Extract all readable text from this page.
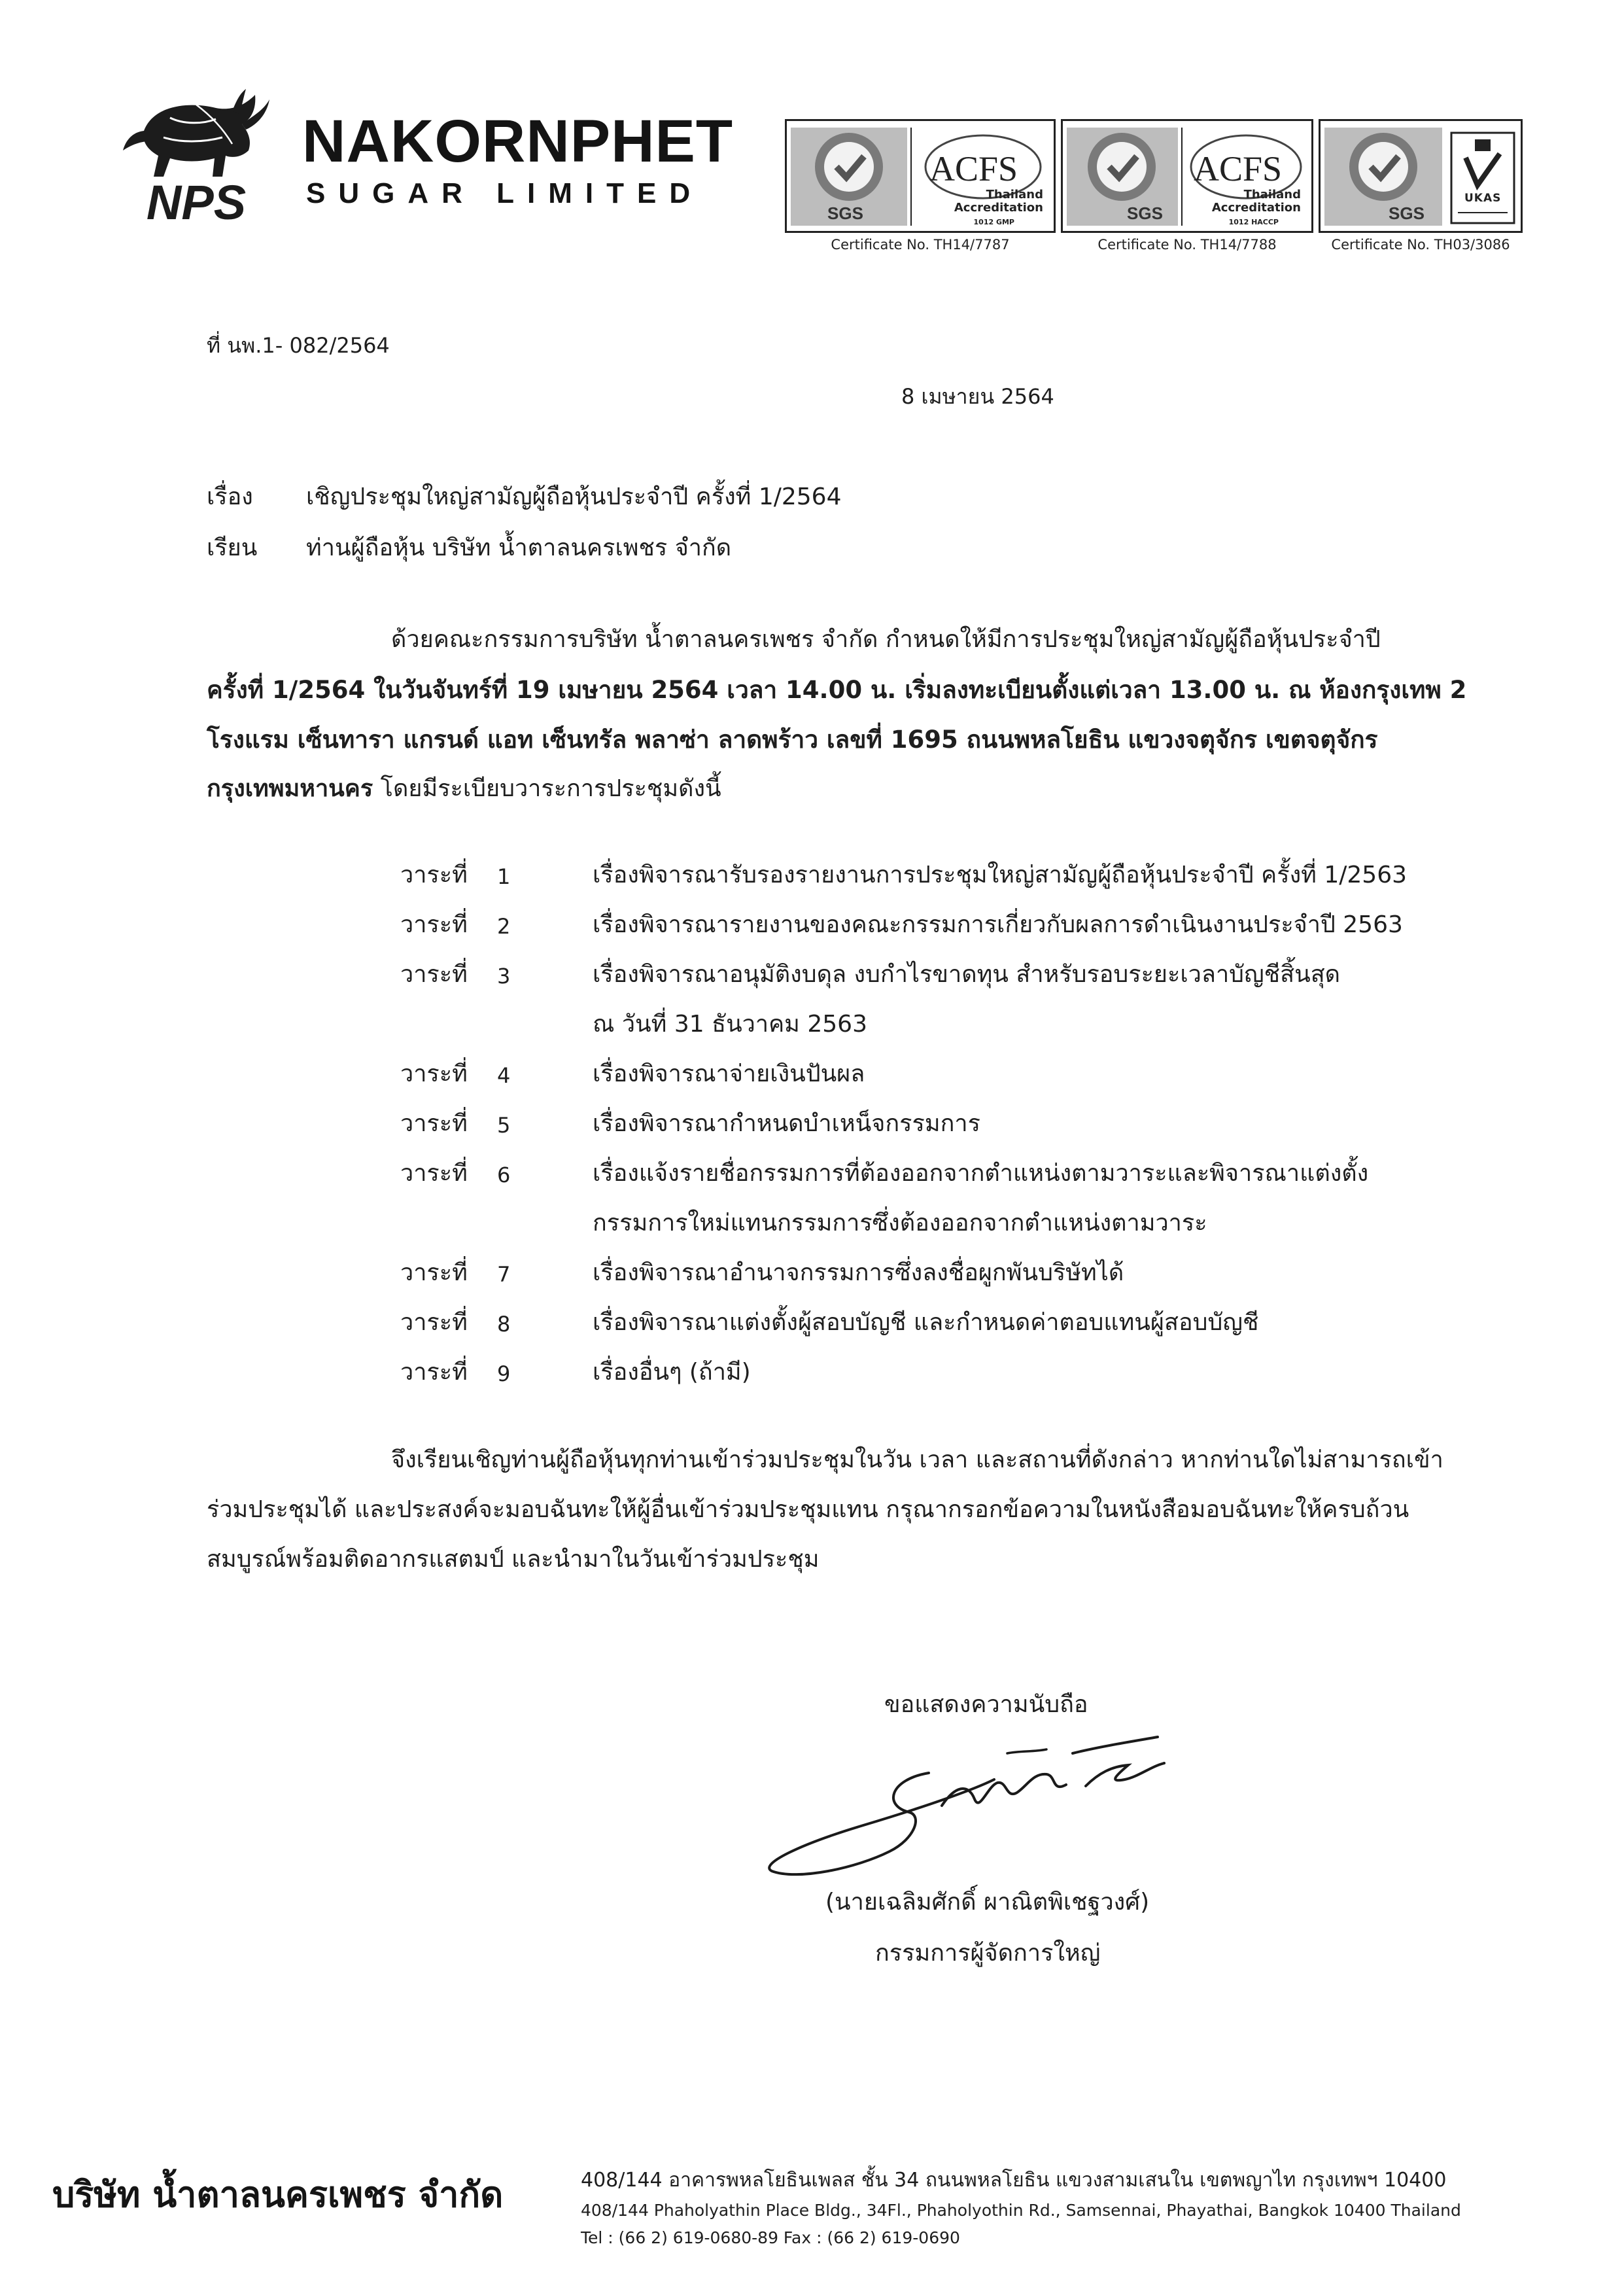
NPS
NAKORNPHET
SUGAR LIMITED
SGS
ACFS
Thailand
Accreditation
1012 GMP
Certificate No. TH14/7787
SGS
ACFS
Thailand
Accreditation
1012 HACCP
Certificate No. TH14/7788
SGS
UKAS
Certificate No. TH03/3086
ที่ นพ.1- 082/2564
8 เมษายน 2564
เรื่อง เชิญประชุมใหญ่สามัญผู้ถือหุ้นประจำปี ครั้งที่ 1/2564
เรียน ท่านผู้ถือหุ้น บริษัท น้ำตาลนครเพชร จำกัด
ด้วยคณะกรรมการบริษัท น้ำตาลนครเพชร จำกัด กำหนดให้มีการประชุมใหญ่สามัญผู้ถือหุ้นประจำปี
ครั้งที่ 1/2564 ในวันจันทร์ที่ 19 เมษายน 2564 เวลา 14.00 น. เริ่มลงทะเบียนตั้งแต่เวลา 13.00 น. ณ ห้องกรุงเทพ 2
โรงแรม เซ็นทารา แกรนด์ แอท เซ็นทรัล พลาซ่า ลาดพร้าว เลขที่ 1695 ถนนพหลโยธิน แขวงจตุจักร เขตจตุจักร
กรุงเทพมหานคร โดยมีระเบียบวาระการประชุมดังนี้
วาระที่ 1	เรื่องพิจารณารับรองรายงานการประชุมใหญ่สามัญผู้ถือหุ้นประจำปี ครั้งที่ 1/2563
วาระที่ 2	เรื่องพิจารณารายงานของคณะกรรมการเกี่ยวกับผลการดำเนินงานประจำปี 2563
วาระที่ 3	เรื่องพิจารณาอนุมัติงบดุล งบกำไรขาดทุน สำหรับรอบระยะเวลาบัญชีสิ้นสุด
ณ วันที่ 31 ธันวาคม 2563
วาระที่ 4	เรื่องพิจารณาจ่ายเงินปันผล
วาระที่ 5	เรื่องพิจารณากำหนดบำเหน็จกรรมการ
วาระที่ 6	เรื่องแจ้งรายชื่อกรรมการที่ต้องออกจากตำแหน่งตามวาระและพิจารณาแต่งตั้ง
กรรมการใหม่แทนกรรมการซึ่งต้องออกจากตำแหน่งตามวาระ
วาระที่ 7	เรื่องพิจารณาอำนาจกรรมการซึ่งลงชื่อผูกพันบริษัทได้
วาระที่ 8	เรื่องพิจารณาแต่งตั้งผู้สอบบัญชี และกำหนดค่าตอบแทนผู้สอบบัญชี
วาระที่ 9	เรื่องอื่นๆ (ถ้ามี)
จึงเรียนเชิญท่านผู้ถือหุ้นทุกท่านเข้าร่วมประชุมในวัน เวลา และสถานที่ดังกล่าว หากท่านใดไม่สามารถเข้า
ร่วมประชุมได้ และประสงค์จะมอบฉันทะให้ผู้อื่นเข้าร่วมประชุมแทน กรุณากรอกข้อความในหนังสือมอบฉันทะให้ครบถ้วน
สมบูรณ์พร้อมติดอากรแสตมป์ และนำมาในวันเข้าร่วมประชุม
ขอแสดงความนับถือ
(นายเฉลิมศักดิ์ ผาณิตพิเชฐวงศ์)
กรรมการผู้จัดการใหญ่
บริษัท น้ำตาลนครเพชร จำกัด	408/144 อาคารพหลโยธินเพลส ชั้น 34 ถนนพหลโยธิน แขวงสามเสนใน เขตพญาไท กรุงเทพฯ 10400
408/144 Phaholyathin Place Bldg., 34Fl., Phaholyothin Rd., Samsennai, Phayathai, Bangkok 10400 Thailand
Tel : (66 2) 619-0680-89 Fax : (66 2) 619-0690
